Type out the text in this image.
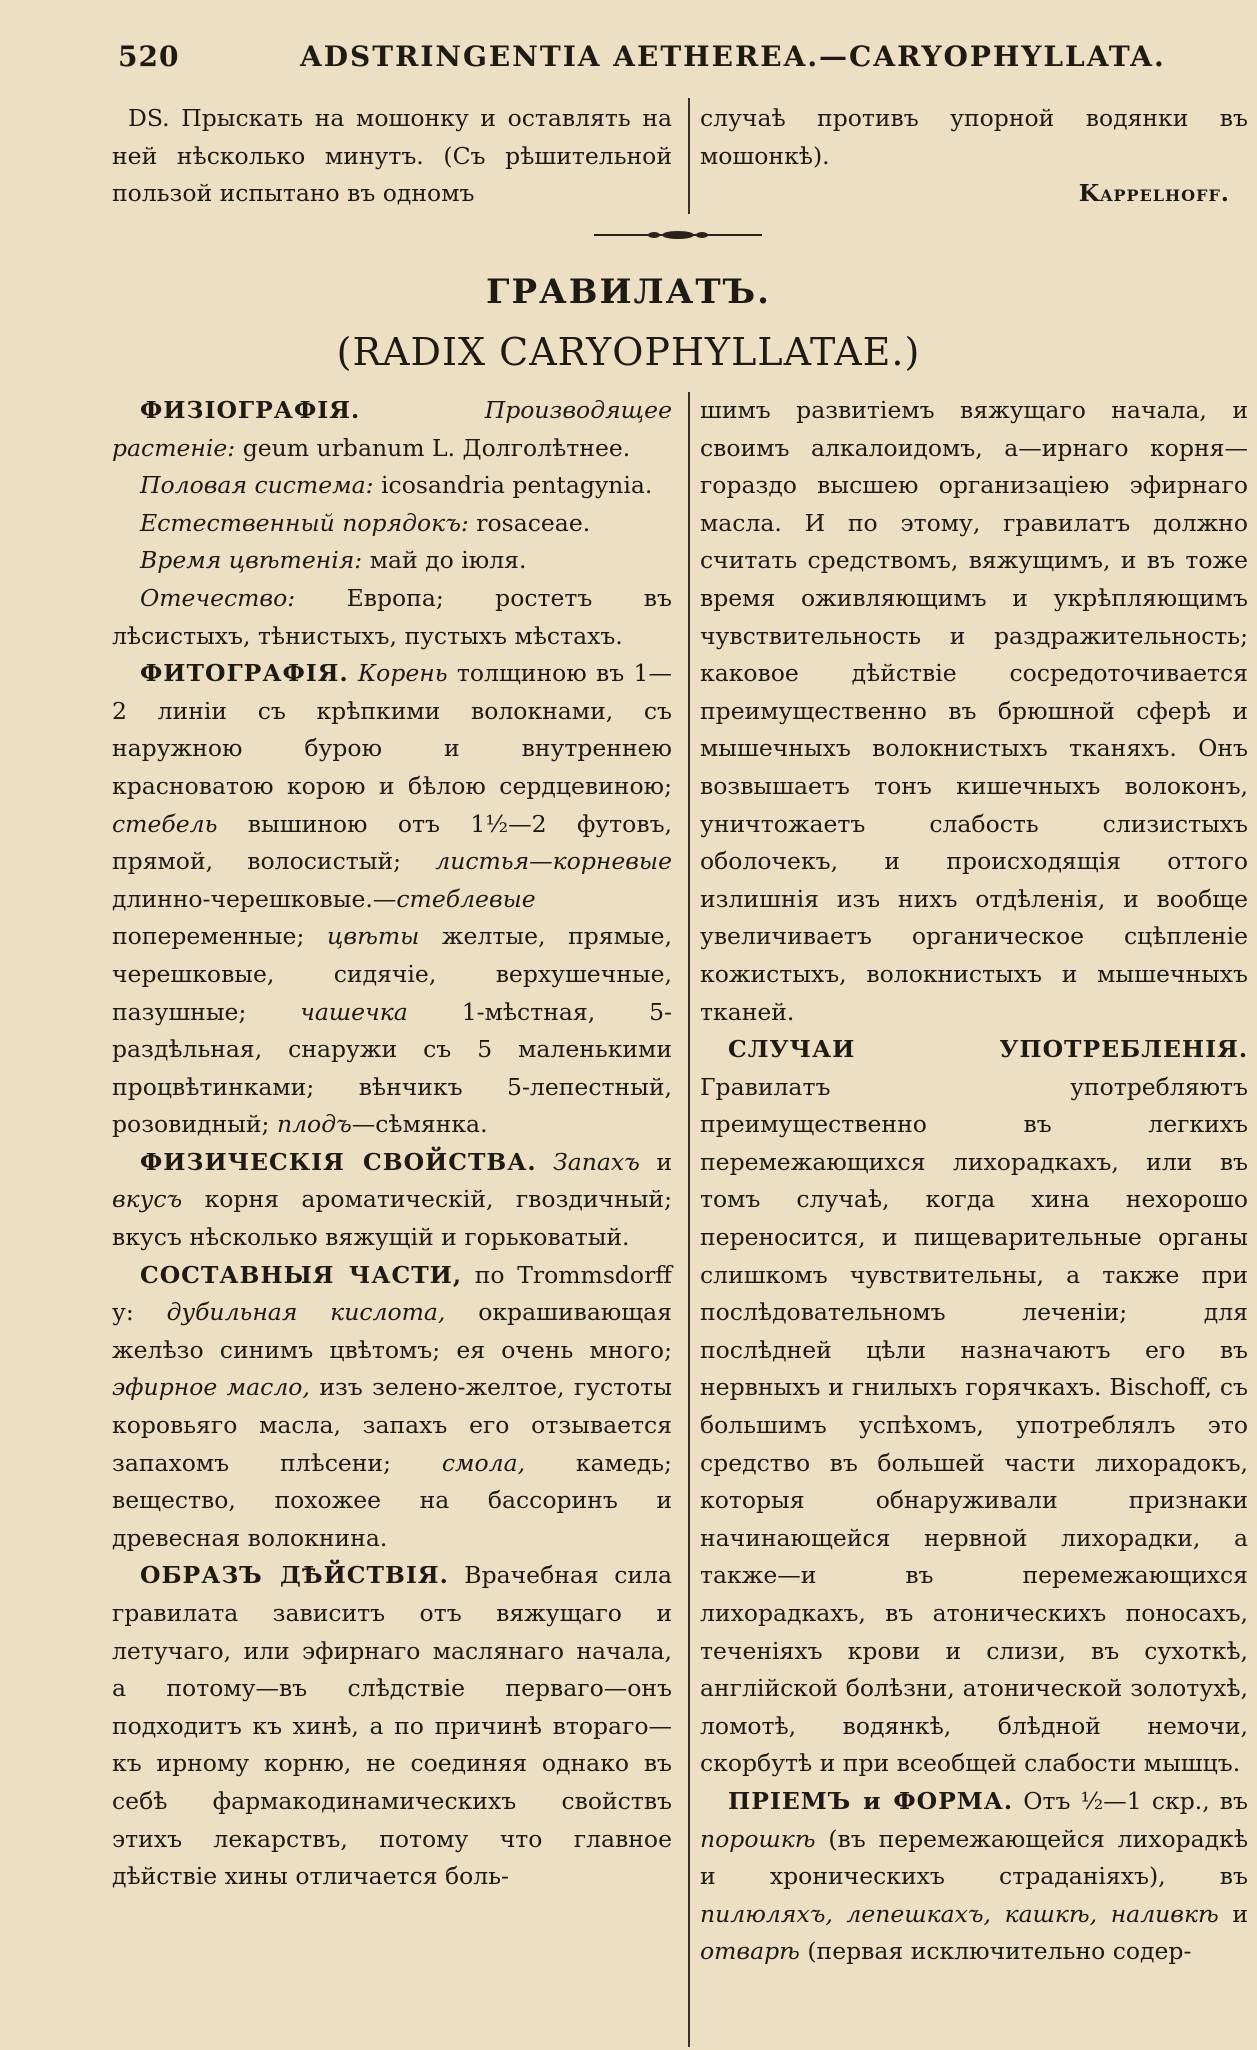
520	ADSTRINGENTIA AETHEREA.—CARYOPHYLLATA.

DS. Прыскать на мошонку и оставлять на ней нѣсколько минутъ. (Съ рѣшительной пользой испытано въ одномъ

случаѣ противъ упорной водянки въ мошонкѣ).

Kappelhoff.

ГРАВИЛАТЪ.
(RADIX CARYOPHYLLATAE.)

ФИЗІОГРАФІЯ.	Производящее растеніе: geum urbanum L. Долголѣтнее.

Половая система: icosandria pentagynia.

Естественный порядокъ: rosaceae.

Время цвѣтенія: май до іюля.

Отечество: Европа; ростетъ въ лѣсистыхъ, тѣнистыхъ, пустыхъ мѣстахъ.

ФИТОГРАФІЯ. Корень толщиною въ 1—2 линіи съ крѣпкими волокнами, съ наружною бурою и внутреннею красноватою корою и бѣлою сердцевиною; стебель вышиною отъ 1½—2 футовъ, прямой, волосистый; листья—корневые длинно-черешковые.—стеблевые попеременные; цвѣты желтые, прямые, черешковые, сидячіе, верхушечные, пазушные; чашечка 1-мѣстная, 5-раздѣльная, снаружи съ 5 маленькими процвѣтинками; вѣнчикъ 5-лепестный, розовидный; плодъ—сѣмянка.

ФИЗИЧЕСКІЯ СВОЙСТВА. Запахъ и вкусъ корня ароматическій, гвоздичный; вкусъ нѣсколько вяжущій и горьковатый.

СОСТАВНЫЯ ЧАСТИ, по Trommsdorff у: дубильная кислота, окрашивающая желѣзо синимъ цвѣтомъ; ея очень много; эфирное масло, изъ зелено-желтое, густоты коровьяго масла, запахъ его отзывается запахомъ плѣсени; смола, камедь; вещество, похожее на бассоринъ и древесная волокнина.

ОБРАЗЪ ДѢЙСТВІЯ. Врачебная сила гравилата зависитъ отъ вяжущаго и летучаго, или эфирнаго маслянаго начала, а потому—въ слѣдствіе перваго—онъ подходитъ къ хинѣ, а по причинѣ втораго—къ ирному корню, не соединяя однако въ себѣ фармакодинамическихъ свойствъ этихъ лекарствъ, потому что главное дѣйствіе хины отличается боль-

шимъ развитіемъ вяжущаго начала, и своимъ алкалоидомъ, а—ирнаго корня—гораздо высшею организаціею эфирнаго масла. И по этому, гравилатъ должно считать средствомъ, вяжущимъ, и въ тоже время оживляющимъ и укрѣпляющимъ чувствительность и раздражительность; каковое дѣйствіе сосредоточивается преимущественно въ брюшной сферѣ и мышечныхъ волокнистыхъ тканяхъ. Онъ возвышаетъ тонъ кишечныхъ волоконъ, уничтожаетъ слабость слизистыхъ оболочекъ, и происходящія оттого излишнія изъ нихъ отдѣленія, и вообще увеличиваетъ органическое сцѣпленіе кожистыхъ, волокнистыхъ и мышечныхъ тканей.

СЛУЧАИ УПОТРЕБЛЕНІЯ. Гравилатъ употребляютъ преимущественно въ легкихъ перемежающихся лихорадкахъ, или въ томъ случаѣ, когда хина нехорошо переносится, и пищеварительные органы слишкомъ чувствительны, а также при послѣдовательномъ леченіи; для послѣдней цѣли назначаютъ его въ нервныхъ и гнилыхъ горячкахъ. Bischoff, съ большимъ успѣхомъ, употреблялъ это средство въ большей части лихорадокъ, которыя обнаруживали признаки начинающейся нервной лихорадки, а также—и въ перемежающихся лихорадкахъ, въ атоническихъ поносахъ, теченіяхъ крови и слизи, въ сухоткѣ, англійской болѣзни, атонической золотухѣ, ломотѣ, водянкѣ, блѣдной немочи, скорбутѣ и при всеобщей слабости мышцъ.

ПРІЕМЪ и ФОРМА. Отъ ½—1 скр., въ порошкѣ (въ перемежающейся лихорадкѣ и хроническихъ страданіяхъ), въ пилюляхъ, лепешкахъ, кашкѣ, наливкѣ и отварѣ (первая исключительно содер-
